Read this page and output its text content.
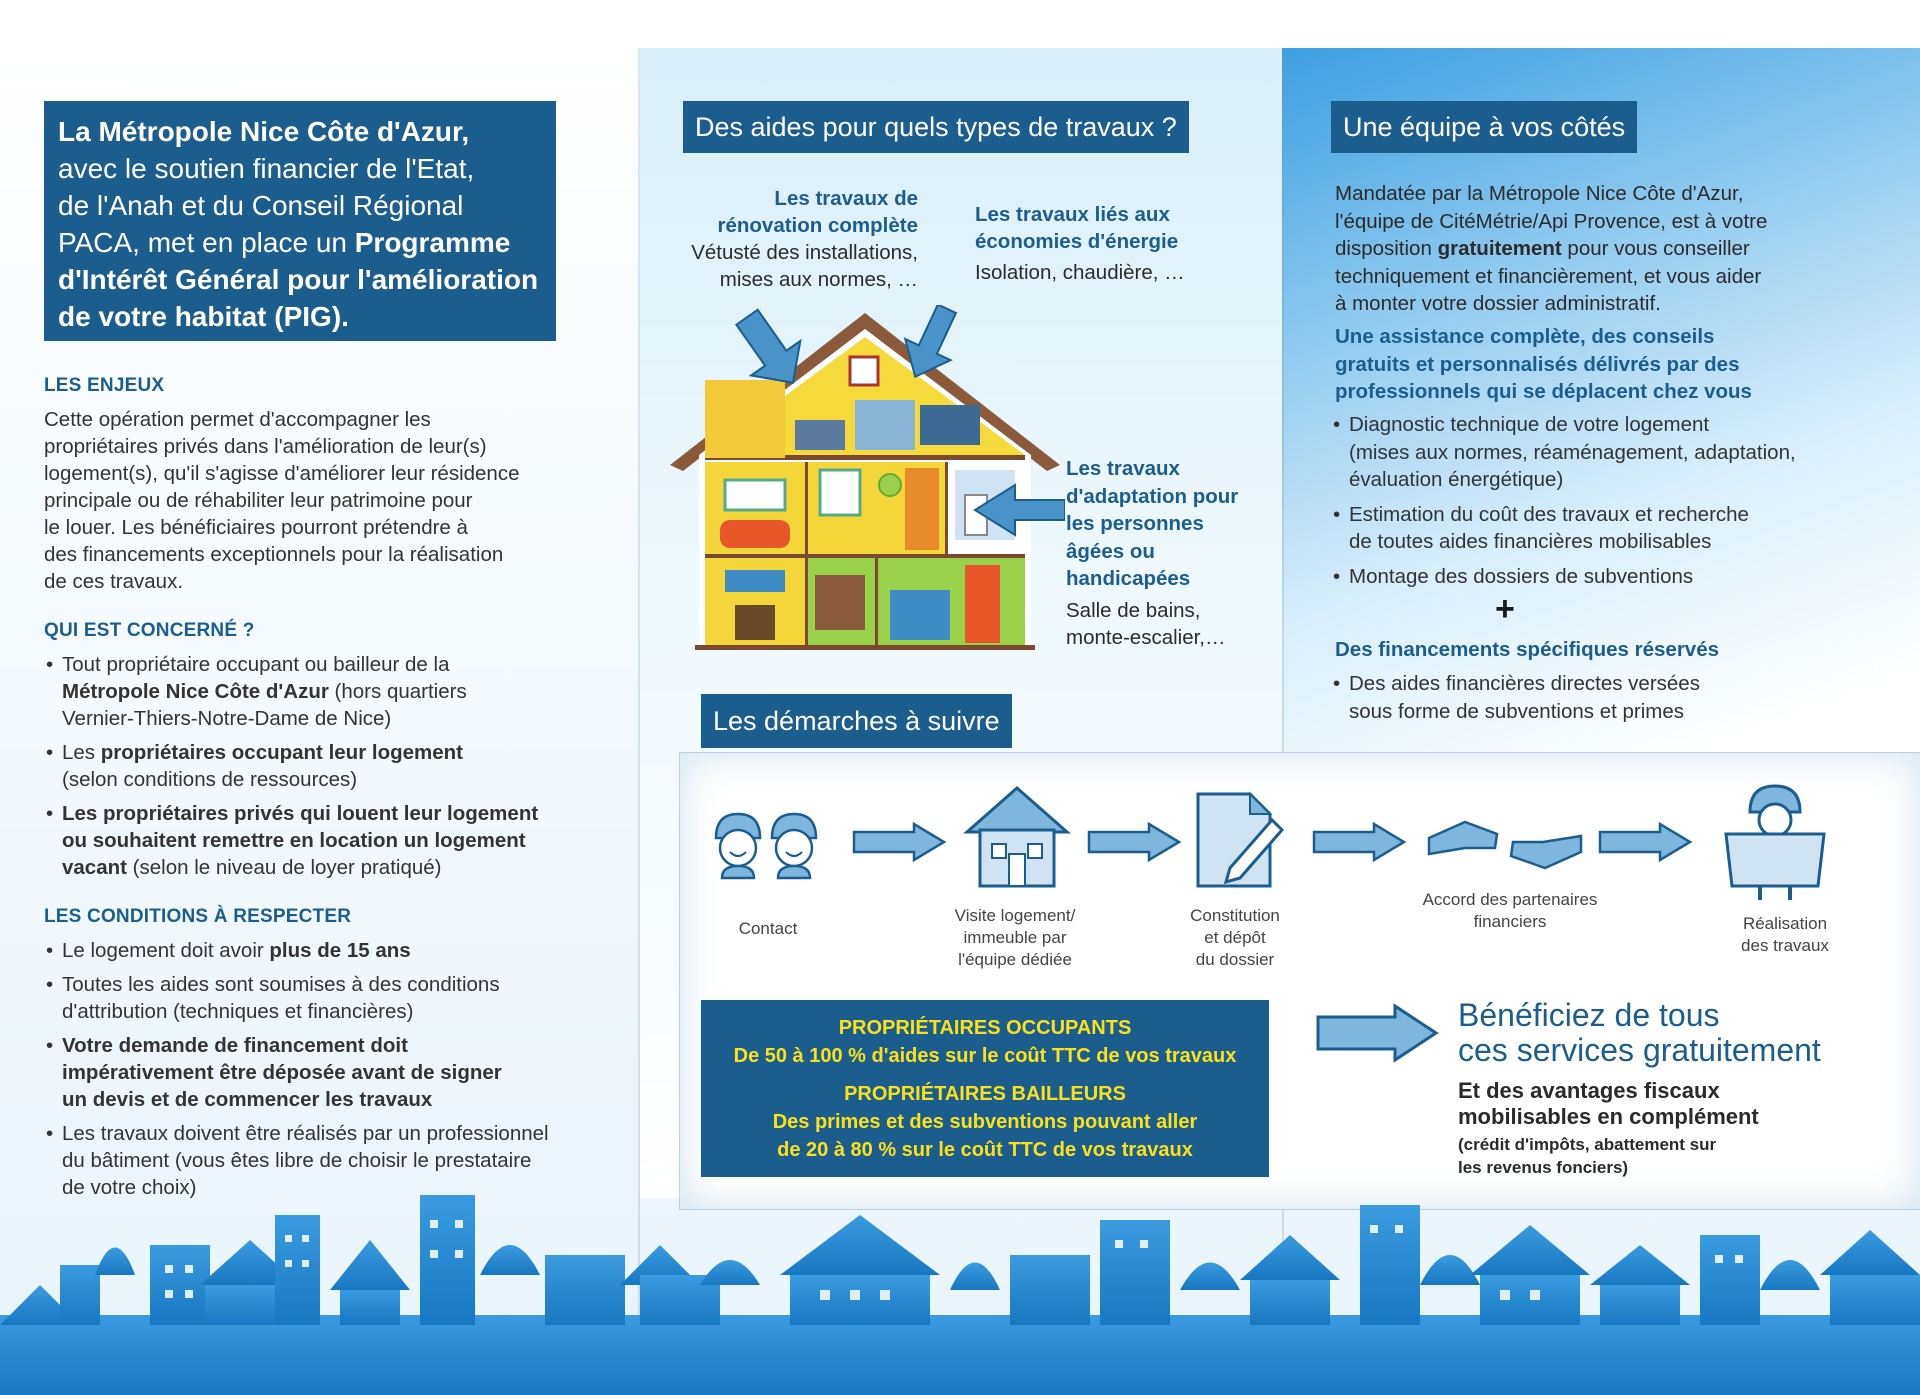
La Métropole Nice Côte d'Azur,
avec le soutien financier de l'Etat,
de l'Anah et du Conseil Régional
PACA, met en place un Programme
d'Intérêt Général pour l'amélioration
de votre habitat (PIG).
LES ENJEUX
Cette opération permet d'accompagner les
propriétaires privés dans l'amélioration de leur(s)
logement(s), qu'il s'agisse d'améliorer leur résidence
principale ou de réhabiliter leur patrimoine pour
le louer. Les bénéficiaires pourront prétendre à
des financements exceptionnels pour la réalisation
de ces travaux.
QUI EST CONCERNÉ ?
• Tout propriétaire occupant ou bailleur de la
Métropole Nice Côte d'Azur (hors quartiers
Vernier-Thiers-Notre-Dame de Nice)
• Les propriétaires occupant leur logement
(selon conditions de ressources)
• Les propriétaires privés qui louent leur logement
ou souhaitent remettre en location un logement
vacant (selon le niveau de loyer pratiqué)
LES CONDITIONS À RESPECTER
• Le logement doit avoir plus de 15 ans
• Toutes les aides sont soumises à des conditions
d'attribution (techniques et financières)
• Votre demande de financement doit
impérativement être déposée avant de signer
un devis et de commencer les travaux
• Les travaux doivent être réalisés par un professionnel
du bâtiment (vous êtes libre de choisir le prestataire
de votre choix)
Des aides pour quels types de travaux ?
Les travaux de
rénovation complète
Vétusté des installations,
mises aux normes, …
Les travaux liés aux
économies d'énergie
Isolation, chaudière, …
Les travaux
d'adaptation pour
les personnes
âgées ou
handicapées
Salle de bains,
monte-escalier,…
Les démarches à suivre
Une équipe à vos côtés
Mandatée par la Métropole Nice Côte d'Azur,
l'équipe de CitéMétrie/Api Provence, est à votre
disposition gratuitement pour vous conseiller
techniquement et financièrement, et vous aider
à monter votre dossier administratif.
Une assistance complète, des conseils
gratuits et personnalisés délivrés par des
professionnels qui se déplacent chez vous
• Diagnostic technique de votre logement
(mises aux normes, réaménagement, adaptation,
évaluation énergétique)
• Estimation du coût des travaux et recherche
de toutes aides financières mobilisables
• Montage des dossiers de subventions
+
Des financements spécifiques réservés
• Des aides financières directes versées
sous forme de subventions et primes
Contact
Visite logement/
immeuble par
l'équipe dédiée
Constitution
et dépôt
du dossier
Accord des partenaires
financiers	Réalisation
des travaux
PROPRIÉTAIRES OCCUPANTS
De 50 à 100 % d'aides sur le coût TTC de vos travaux
PROPRIÉTAIRES BAILLEURS
Des primes et des subventions pouvant aller
de 20 à 80 % sur le coût TTC de vos travaux
Bénéficiez de tous
ces services gratuitement
Et des avantages fiscaux
mobilisables en complément
(crédit d'impôts, abattement sur
les revenus fonciers)
